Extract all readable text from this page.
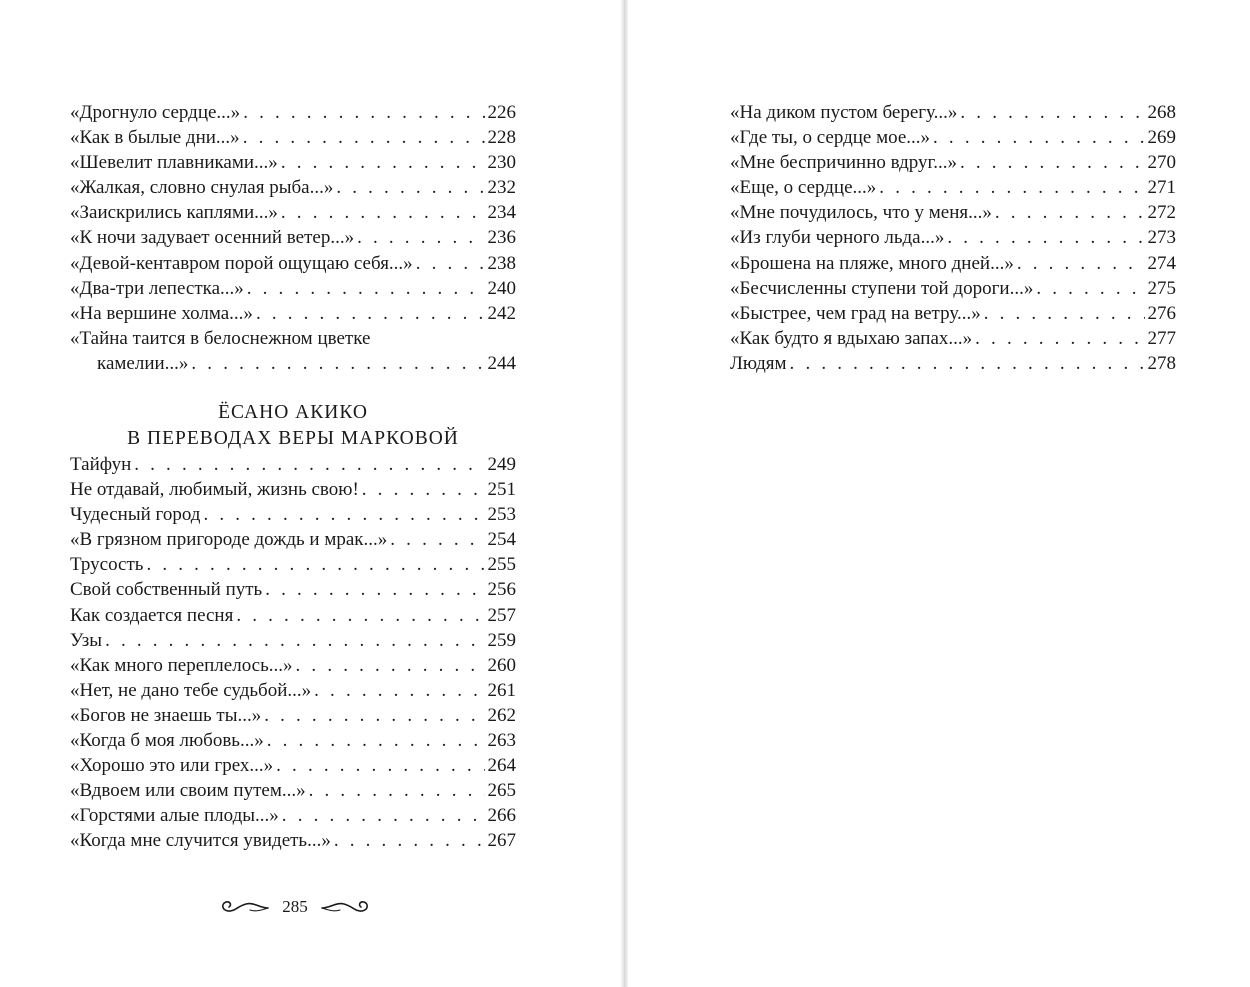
«Дрогнуло сердце...» . . .	226
«Как в былые дни...» . . .	228
«Шевелит плавниками...» . . .	230
«Жалкая, словно снулая рыба...» . . .	232
«Заискрились каплями...» . . .	234
«К ночи задувает осенний ветер...» . . .	236
«Девой-кентавром порой ощущаю себя...» . . .	238
«Два-три лепестка...» . . .	240
«На вершине холма...» . . .	242
«Тайна таится в белоснежном цветке
камелии...» . . .	244
ЁСАНО АКИКО
В ПЕРЕВОДАХ ВЕРЫ МАРКОВОЙ
Тайфун . . .	249
Не отдавай, любимый, жизнь свою! . . .	251
Чудесный город . . .	253
«В грязном пригороде дождь и мрак...» . . .	254
Трусость . . .	255
Свой собственный путь . . .	256
Как создается песня . . .	257
Узы . . .	259
«Как много переплелось...» . . .	260
«Нет, не дано тебе судьбой...» . . .	261
«Богов не знаешь ты...» . . .	262
«Когда б моя любовь...» . . .	263
«Хорошо это или грех...» . . .	264
«Вдвоем или своим путем...» . . .	265
«Горстями алые плоды...» . . .	266
«Когда мне случится увидеть...» . . .	267
285
«На диком пустом берегу...» . . .	268
«Где ты, о сердце мое...» . . .	269
«Мне беспричинно вдруг...» . . .	270
«Еще, о сердце...» . . .	271
«Мне почудилось, что у меня...» . . .	272
«Из глуби черного льда...» . . .	273
«Брошена на пляже, много дней...» . . .	274
«Бесчисленны ступени той дороги...» . . .	275
«Быстрее, чем град на ветру...» . . .	276
«Как будто я вдыхаю запах...» . . .	277
Людям . . .	278
